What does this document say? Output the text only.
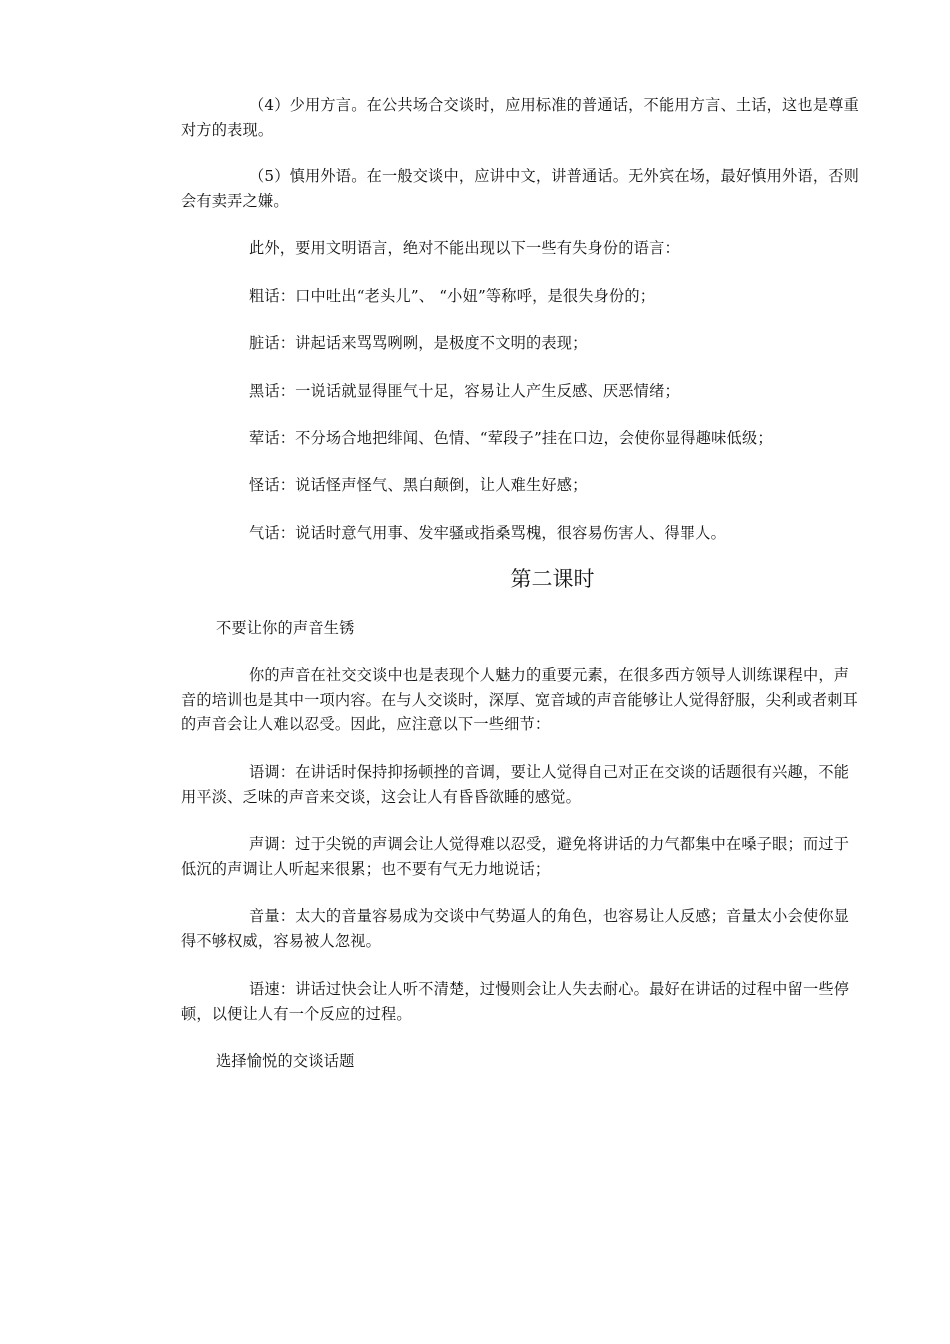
（4）少用方言。在公共场合交谈时，应用标准的普通话，不能用方言、土话，这也是尊重对方的表现。

（5）慎用外语。在一般交谈中，应讲中文，讲普通话。无外宾在场，最好慎用外语，否则会有卖弄之嫌。

此外，要用文明语言，绝对不能出现以下一些有失身份的语言：

粗话：口中吐出“老头儿”、 “小妞”等称呼，是很失身份的；

脏话：讲起话来骂骂咧咧，是极度不文明的表现；

黑话：一说话就显得匪气十足，容易让人产生反感、厌恶情绪；

荤话：不分场合地把绯闻、色情、“荤段子”挂在口边，会使你显得趣味低级；

怪话：说话怪声怪气、黑白颠倒，让人难生好感；

气话：说话时意气用事、发牢骚或指桑骂槐，很容易伤害人、得罪人。

第二课时

不要让你的声音生锈

你的声音在社交交谈中也是表现个人魅力的重要元素，在很多西方领导人训练课程中，声音的培训也是其中一项内容。在与人交谈时，深厚、宽音域的声音能够让人觉得舒服，尖利或者刺耳的声音会让人难以忍受。因此，应注意以下一些细节：

语调：在讲话时保持抑扬顿挫的音调，要让人觉得自己对正在交谈的话题很有兴趣，不能用平淡、乏味的声音来交谈，这会让人有昏昏欲睡的感觉。

声调：过于尖锐的声调会让人觉得难以忍受，避免将讲话的力气都集中在嗓子眼；而过于低沉的声调让人听起来很累；也不要有气无力地说话；

音量：太大的音量容易成为交谈中气势逼人的角色，也容易让人反感；音量太小会使你显得不够权威，容易被人忽视。

语速：讲话过快会让人听不清楚，过慢则会让人失去耐心。最好在讲话的过程中留一些停顿，以便让人有一个反应的过程。

选择愉悦的交谈话题
